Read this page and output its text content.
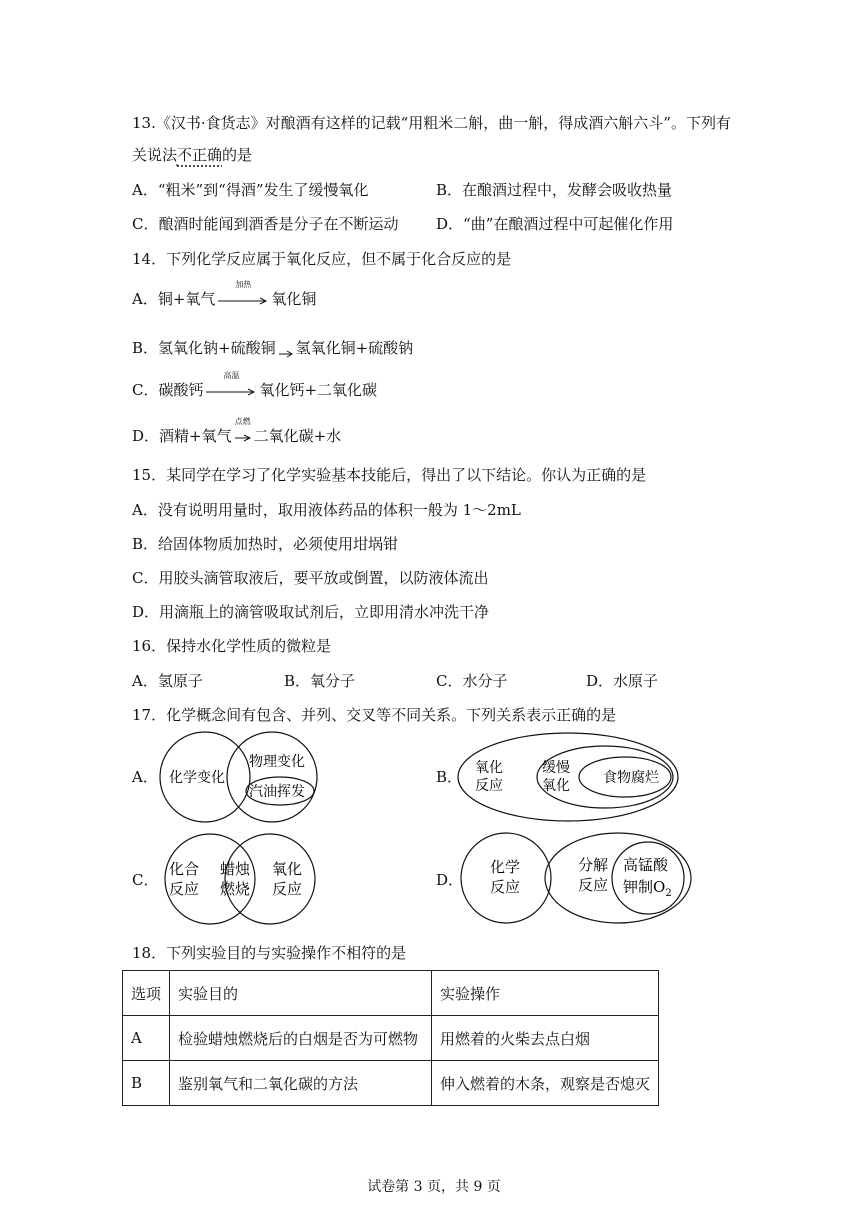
13.《汉书·食货志》对酿酒有这样的记载“用粗米二斛，曲一斛，得成酒六斛六斗”。下列有
关说法不正确的是
A．“粗米”到“得酒”发生了缓慢氧化	B．在酿酒过程中，发酵会吸收热量
C．酿酒时能闻到酒香是分子在不断运动	D．“曲”在酿酒过程中可起催化作用
14．下列化学反应属于氧化反应，但不属于化合反应的是
A．铜+氧气
加热
氧化铜
B．氢氧化钠+硫酸铜 → 氢氧化铜+硫酸钠
C．碳酸钙
高温
氧化钙+二氧化碳
D．酒精+氧气
点燃
二氧化碳+水
15．某同学在学习了化学实验基本技能后，得出了以下结论。你认为正确的是
A．没有说明用量时，取用液体药品的体积一般为 1～2mL
B．给固体物质加热时，必须使用坩埚钳
C．用胶头滴管取液后，要平放或倒置，以防液体流出
D．用滴瓶上的滴管吸取试剂后，立即用清水冲洗干净
16．保持水化学性质的微粒是
A．氢原子	B．氧分子	C．水分子	D．水原子
17．化学概念间有包含、并列、交叉等不同关系。下列关系表示正确的是
A． 化学变化
物理变化
汽油挥发
B． 氧化
反应
缓慢
氧化 食物腐烂
C．
化合
反应
蜡烛
燃烧
氧化
反应	D．
化学
反应
分解
反应
高锰酸
钾制$O_2$
18．下列实验目的与实验操作不相符的是
选项	实验目的	实验操作
A	检验蜡烛燃烧后的白烟是否为可燃物	用燃着的火柴去点白烟
B	鉴别氧气和二氧化碳的方法	伸入燃着的木条，观察是否熄灭
试卷第 3 页，共 9 页
